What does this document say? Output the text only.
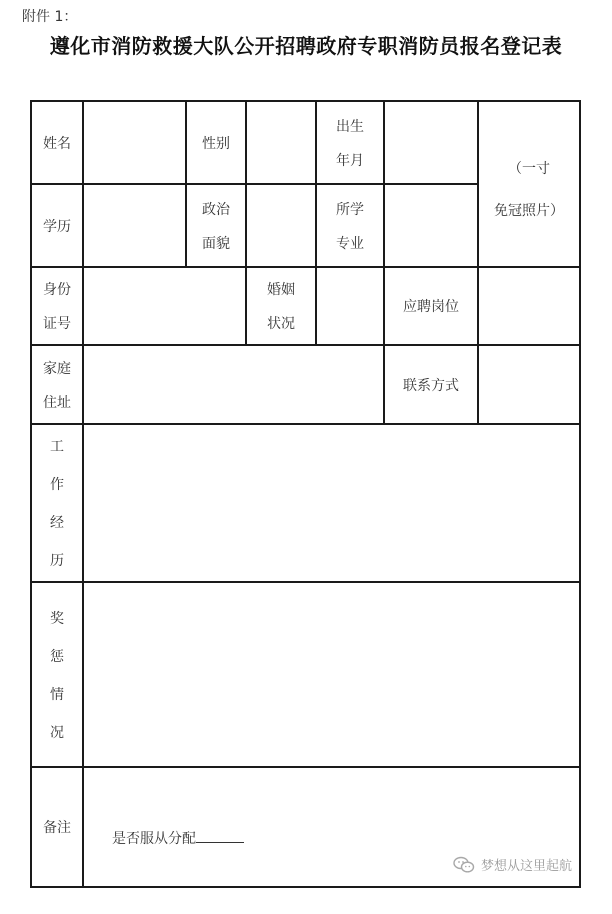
附件 1：
遵化市消防救援大队公开招聘政府专职消防员报名登记表
姓名	性别
出生
年月
（一寸
免冠照片）
学历
政治
面貌
所学
专业
身份
证号
婚姻
状况
应聘岗位
家庭
住址
联系方式
工
作
经
历
奖
惩
情
况
备注
是否服从分配
梦想从这里起航
